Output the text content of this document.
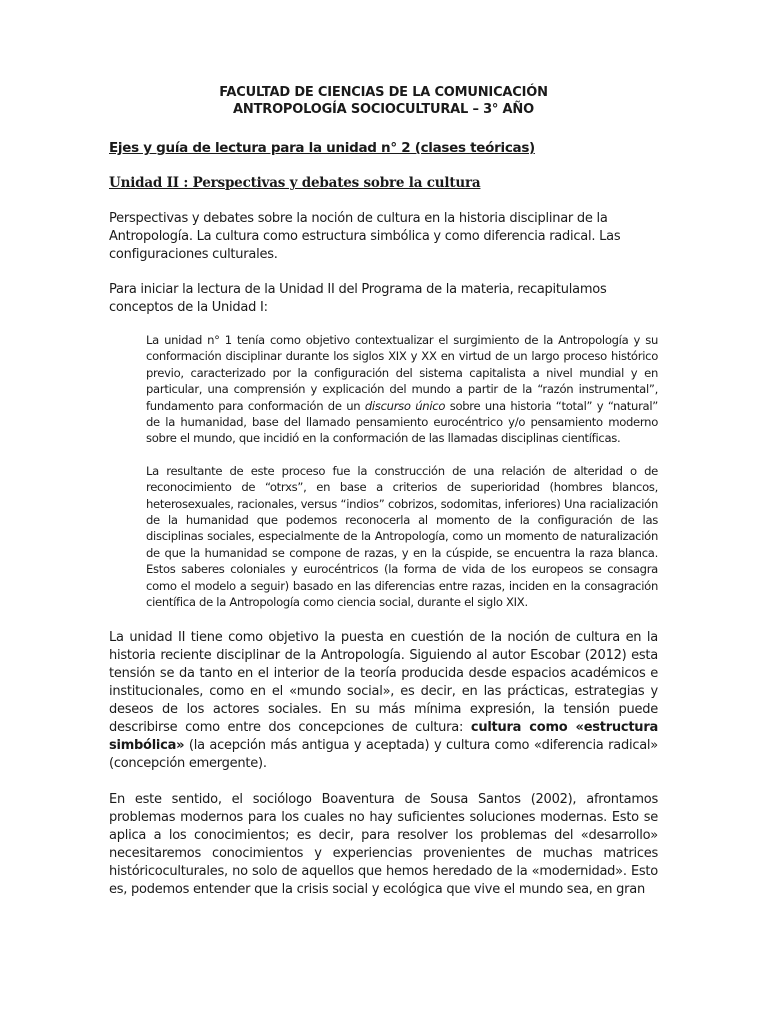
FACULTAD DE CIENCIAS DE LA COMUNICACIÓN
ANTROPOLOGÍA SOCIOCULTURAL – 3° AÑO
Ejes y guía de lectura para la unidad n° 2 (clases teóricas)
Unidad II : Perspectivas y debates sobre la cultura

Perspectivas y debates sobre la noción de cultura en la historia disciplinar de la Antropología. La cultura como estructura simbólica y como diferencia radical. Las configuraciones culturales.

Para iniciar la lectura de la Unidad II del Programa de la materia, recapitulamos conceptos de la Unidad I:

La unidad n° 1 tenía como objetivo contextualizar el surgimiento de la Antropología y su conformación disciplinar durante los siglos XIX y XX en virtud de un largo proceso histórico previo, caracterizado por la configuración del sistema capitalista a nivel mundial y en particular, una comprensión y explicación del mundo a partir de la “razón instrumental”, fundamento para conformación de un discurso único sobre una historia “total” y “natural” de la humanidad, base del llamado pensamiento eurocéntrico y/o pensamiento moderno sobre el mundo, que incidió en la conformación de las llamadas disciplinas científicas.

La resultante de este proceso fue la construcción de una relación de alteridad o de reconocimiento de “otrxs”, en base a criterios de superioridad (hombres blancos, heterosexuales, racionales, versus “indios” cobrizos, sodomitas, inferiores) Una racialización de la humanidad que podemos reconocerla al momento de la configuración de las disciplinas sociales, especialmente de la Antropología, como un momento de naturalización de que la humanidad se compone de razas, y en la cúspide, se encuentra la raza blanca. Estos saberes coloniales y eurocéntricos (la forma de vida de los europeos se consagra como el modelo a seguir) basado en las diferencias entre razas, inciden en la consagración científica de la Antropología como ciencia social, durante el siglo XIX.

La unidad II tiene como objetivo la puesta en cuestión de la noción de cultura en la historia reciente disciplinar de la Antropología. Siguiendo al autor Escobar (2012) esta tensión se da tanto en el interior de la teoría producida desde espacios académicos e institucionales, como en el «mundo social», es decir, en las prácticas, estrategias y deseos de los actores sociales. En su más mínima expresión, la tensión puede describirse como entre dos concepciones de cultura: cultura como «estructura simbólica» (la acepción más antigua y aceptada) y cultura como «diferencia radical» (concepción emergente).

En este sentido, el sociólogo Boaventura de Sousa Santos (2002), afrontamos problemas modernos para los cuales no hay suficientes soluciones modernas. Esto se aplica a los conocimientos; es decir, para resolver los problemas del «desarrollo» necesitaremos conocimientos y experiencias provenientes de muchas matrices históricoculturales, no solo de aquellos que hemos heredado de la «modernidad». Esto es, podemos entender que la crisis social y ecológica que vive el mundo sea, en gran
